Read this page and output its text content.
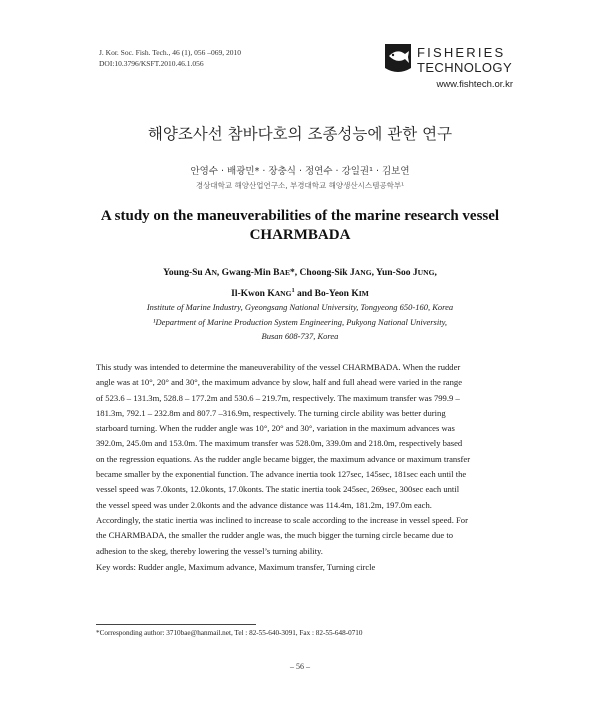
J. Kor. Soc. Fish. Tech., 46 (1), 056 –069, 2010
DOI:10.3796/KSFT.2010.46.1.056
FISHERIES
TECHNOLOGY
www.fishtech.or.kr
해양조사선 참바다호의 조종성능에 관한 연구
안영수 · 배광민* · 장충식 · 정연수 · 강일권¹ · 김보연
경상대학교 해양산업연구소, 부경대학교 해양생산시스템공학부¹
A study on the maneuverabilities of the marine research vessel
CHARMBADA
Young-Su AN, Gwang-Min BAE*, Choong-Sik JANG, Yun-Soo JUNG,
Il-Kwon KANG$^1$ and Bo-Yeon KIM
Institute of Marine Industry, Gyeongsang National University, Tongyeong 650-160, Korea
¹Department of Marine Production System Engineering, Pukyong National University,
Busan 608-737, Korea
This study was intended to determine the maneuverability of the vessel CHARMBADA. When the rudder
angle was at 10°, 20° and 30°, the maximum advance by slow, half and full ahead were varied in the range
of 523.6 – 131.3m, 528.8 – 177.2m and 530.6 – 219.7m, respectively. The maximum transfer was 799.9 –
181.3m, 792.1 – 232.8m and 807.7 –316.9m, respectively. The turning circle ability was better during
starboard turning. When the rudder angle was 10°, 20° and 30°, variation in the maximum advances was
392.0m, 245.0m and 153.0m. The maximum transfer was 528.0m, 339.0m and 218.0m, respectively based
on the regression equations. As the rudder angle became bigger, the maximum advance or maximum transfer
became smaller by the exponential function. The advance inertia took 127sec, 145sec, 181sec each until the
vessel speed was 7.0konts, 12.0konts, 17.0konts. The static inertia took 245sec, 269sec, 300sec each until
the vessel speed was under 2.0konts and the advance distance was 114.4m, 181.2m, 197.0m each.
Accordingly, the static inertia was inclined to increase to scale according to the increase in vessel speed. For
the CHARMBADA, the smaller the rudder angle was, the much bigger the turning circle became due to
adhesion to the skeg, thereby lowering the vessel’s turning ability.
Key words: Rudder angle, Maximum advance, Maximum transfer, Turning circle
*Corresponding author: 3710bae@hanmail.net, Tel : 82-55-640-3091, Fax : 82-55-648-0710
– 56 –
